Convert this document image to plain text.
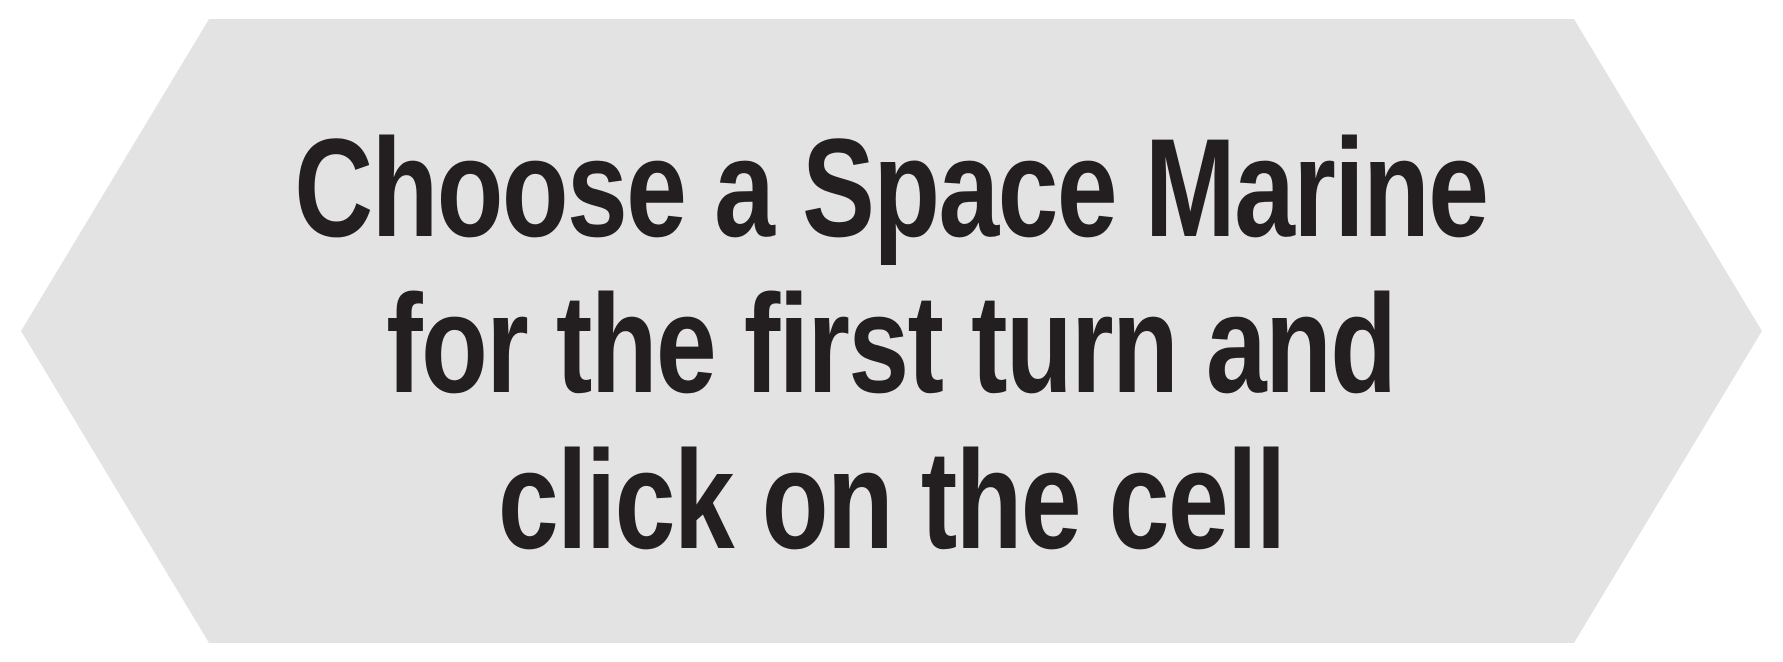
Choose a Space Marine
for the first turn and
click on the cell
